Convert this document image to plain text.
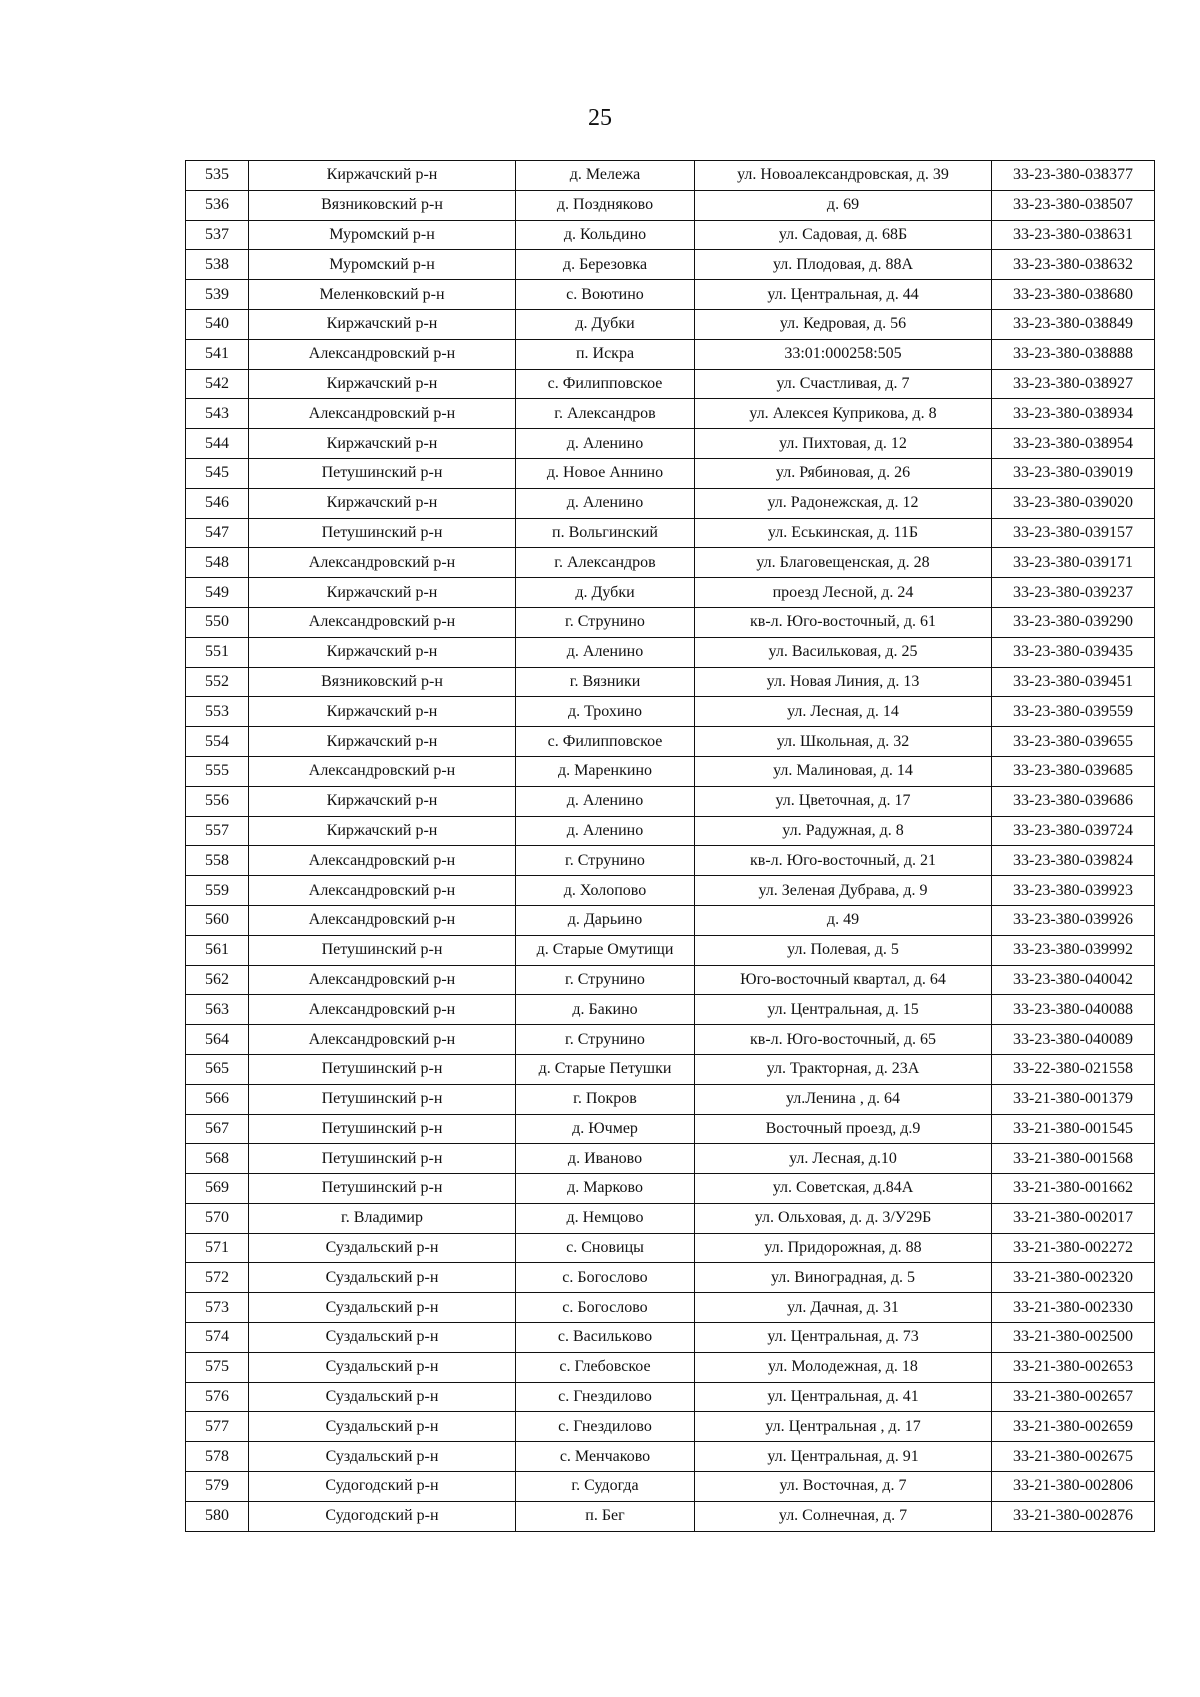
25
535	Киржачский р-н	д. Мележа	ул. Новоалександровская, д. 39	33-23-380-038377
536	Вязниковский р-н	д. Поздняково	д. 69	33-23-380-038507
537	Муромский р-н	д. Кольдино	ул. Садовая, д. 68Б	33-23-380-038631
538	Муромский р-н	д. Березовка	ул. Плодовая, д. 88А	33-23-380-038632
539	Меленковский р-н	с. Воютино	ул. Центральная, д. 44	33-23-380-038680
540	Киржачский р-н	д. Дубки	ул. Кедровая, д. 56	33-23-380-038849
541	Александровский р-н	п. Искра	33:01:000258:505	33-23-380-038888
542	Киржачский р-н	с. Филипповское	ул. Счастливая, д. 7	33-23-380-038927
543	Александровский р-н	г. Александров	ул. Алексея Куприкова, д. 8	33-23-380-038934
544	Киржачский р-н	д. Аленино	ул. Пихтовая, д. 12	33-23-380-038954
545	Петушинский р-н	д. Новое Аннино	ул. Рябиновая, д. 26	33-23-380-039019
546	Киржачский р-н	д. Аленино	ул. Радонежская, д. 12	33-23-380-039020
547	Петушинский р-н	п. Вольгинский	ул. Еськинская, д. 11Б	33-23-380-039157
548	Александровский р-н	г. Александров	ул. Благовещенская, д. 28	33-23-380-039171
549	Киржачский р-н	д. Дубки	проезд Лесной, д. 24	33-23-380-039237
550	Александровский р-н	г. Струнино	кв-л. Юго-восточный, д. 61	33-23-380-039290
551	Киржачский р-н	д. Аленино	ул. Васильковая, д. 25	33-23-380-039435
552	Вязниковский р-н	г. Вязники	ул. Новая Линия, д. 13	33-23-380-039451
553	Киржачский р-н	д. Трохино	ул. Лесная, д. 14	33-23-380-039559
554	Киржачский р-н	с. Филипповское	ул. Школьная, д. 32	33-23-380-039655
555	Александровский р-н	д. Маренкино	ул. Малиновая, д. 14	33-23-380-039685
556	Киржачский р-н	д. Аленино	ул. Цветочная, д. 17	33-23-380-039686
557	Киржачский р-н	д. Аленино	ул. Радужная, д. 8	33-23-380-039724
558	Александровский р-н	г. Струнино	кв-л. Юго-восточный, д. 21	33-23-380-039824
559	Александровский р-н	д. Холопово	ул. Зеленая Дубрава, д. 9	33-23-380-039923
560	Александровский р-н	д. Дарьино	д. 49	33-23-380-039926
561	Петушинский р-н	д. Старые Омутищи	ул. Полевая, д. 5	33-23-380-039992
562	Александровский р-н	г. Струнино	Юго-восточный квартал, д. 64	33-23-380-040042
563	Александровский р-н	д. Бакино	ул. Центральная, д. 15	33-23-380-040088
564	Александровский р-н	г. Струнино	кв-л. Юго-восточный, д. 65	33-23-380-040089
565	Петушинский р-н	д. Старые Петушки	ул. Тракторная, д. 23А	33-22-380-021558
566	Петушинский р-н	г. Покров	ул.Ленина , д. 64	33-21-380-001379
567	Петушинский р-н	д. Ючмер	Восточный проезд, д.9	33-21-380-001545
568	Петушинский р-н	д. Иваново	ул. Лесная, д.10	33-21-380-001568
569	Петушинский р-н	д. Марково	ул. Советская, д.84А	33-21-380-001662
570	г. Владимир	д. Немцово	ул. Ольховая, д. д. 3/У29Б	33-21-380-002017
571	Суздальский р-н	с. Сновицы	ул. Придорожная, д. 88	33-21-380-002272
572	Суздальский р-н	с. Богослово	ул. Виноградная, д. 5	33-21-380-002320
573	Суздальский р-н	с. Богослово	ул. Дачная, д. 31	33-21-380-002330
574	Суздальский р-н	с. Васильково	ул. Центральная, д. 73	33-21-380-002500
575	Суздальский р-н	с. Глебовское	ул. Молодежная, д. 18	33-21-380-002653
576	Суздальский р-н	с. Гнездилово	ул. Центральная, д. 41	33-21-380-002657
577	Суздальский р-н	с. Гнездилово	ул. Центральная , д. 17	33-21-380-002659
578	Суздальский р-н	с. Менчаково	ул. Центральная, д. 91	33-21-380-002675
579	Судогодский р-н	г. Судогда	ул. Восточная, д. 7	33-21-380-002806
580	Судогодский р-н	п. Бег	ул. Солнечная, д. 7	33-21-380-002876
